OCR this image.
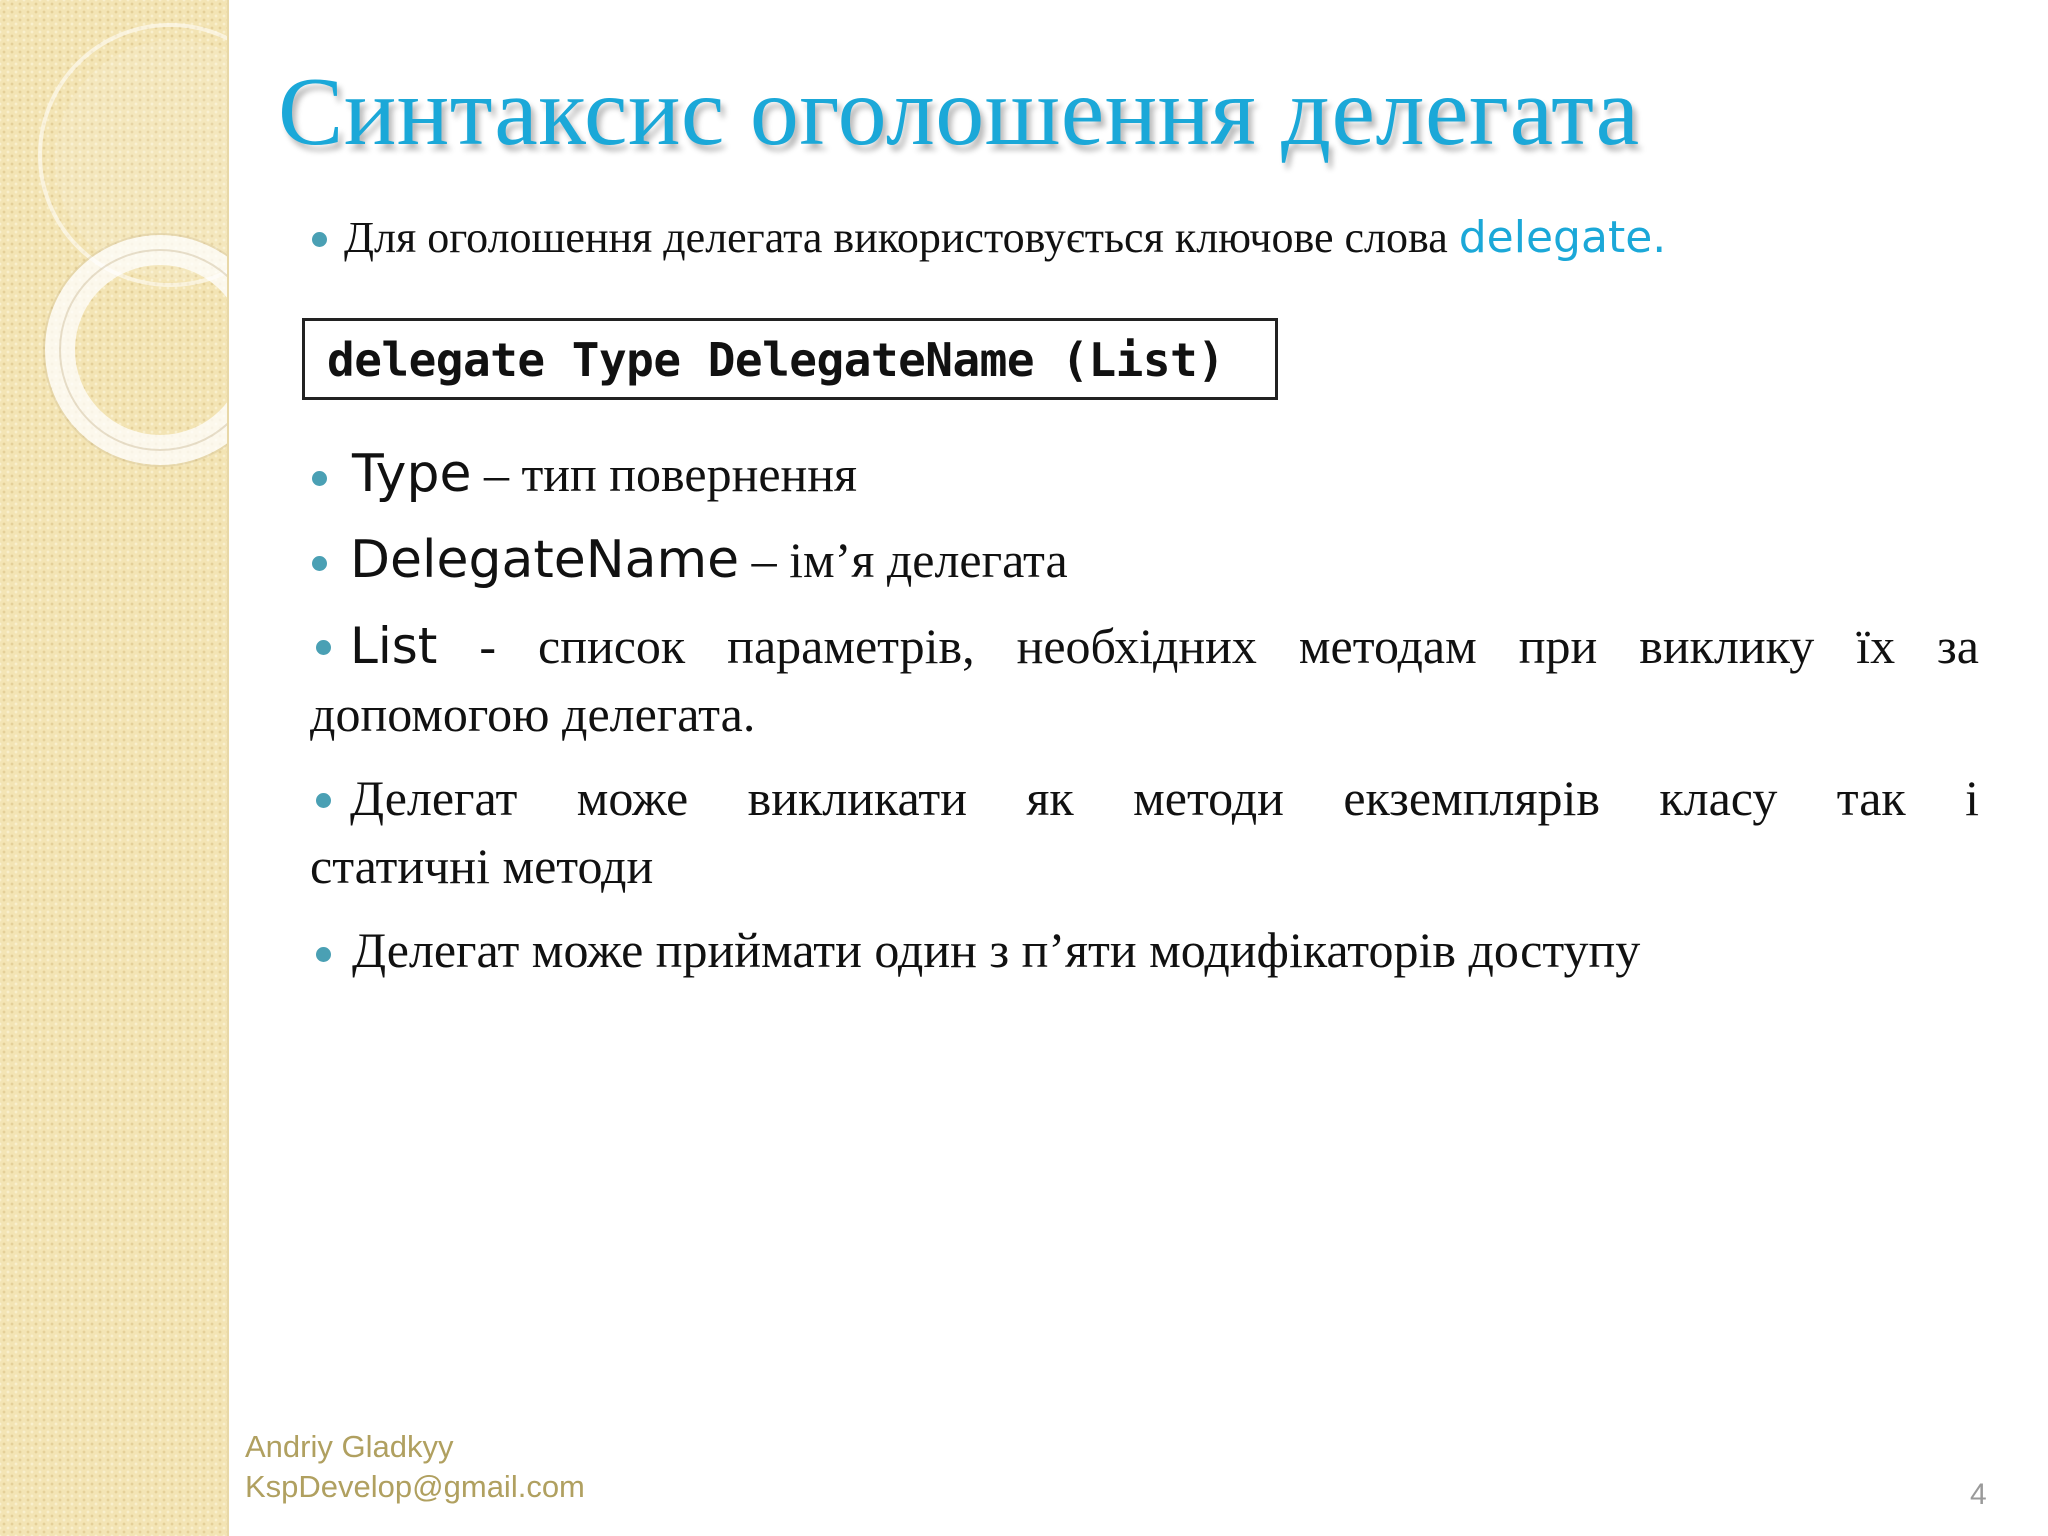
Синтаксис оголошення делегата
Для оголошення делегата використовується ключове слова delegate.
delegate Type DelegateName (List)
Type – тип повернення
DelegateName – ім’я делегата
List - список параметрів, необхідних методам при виклику їх за
допомогою делегата.
Делегат може викликати як методи екземплярів класу так і
статичні методи
Делегат може приймати один з п’яти модифікаторів доступу
Andriy Gladkyy
KspDevelop@gmail.com	4
